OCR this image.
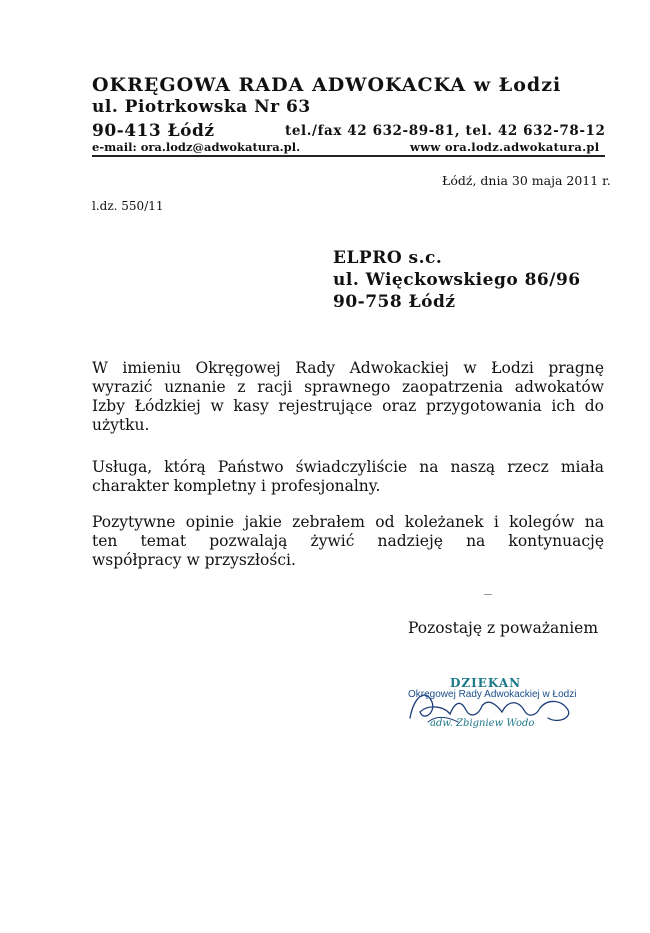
OKRĘGOWA RADA ADWOKACKA w Łodzi
ul. Piotrkowska Nr 63
90-413 Łódź	tel./fax 42 632-89-81, tel. 42 632-78-12
e-mail: ora.lodz@adwokatura.pl.	www ora.lodz.adwokatura.pl
Łódź, dnia 30 maja 2011 r.
l.dz. 550/11
ELPRO s.c.
ul. Więckowskiego 86/96
90-758 Łódź
W imieniu Okręgowej Rady Adwokackiej w Łodzi pragnę
wyrazić uznanie z racji sprawnego zaopatrzenia adwokatów
Izby Łódzkiej w kasy rejestrujące oraz przygotowania ich do
użytku.
Usługa, którą Państwo świadczyliście na naszą rzecz miała
charakter kompletny i profesjonalny.
Pozytywne opinie jakie zebrałem od koleżanek i kolegów na
ten temat pozwalają żywić nadzieję na kontynuację
współpracy w przyszłości.
Pozostaję z poważaniem
DZIEKAN
Okręgowej Rady Adwokackiej w Łodzi
adw. Zbigniew Wodo
